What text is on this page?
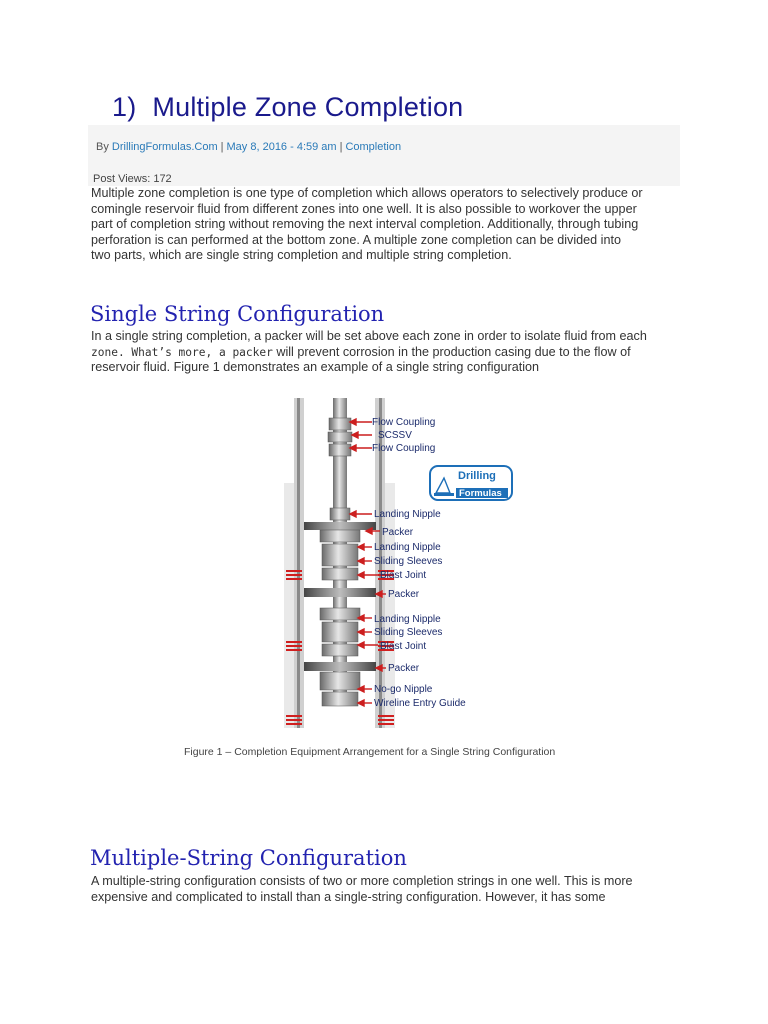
1) Multiple Zone Completion
By DrillingFormulas.Com | May 8, 2016 - 4:59 am | Completion
Post Views: 172
Multiple zone completion is one type of completion which allows operators to selectively produce or
comingle reservoir fluid from different zones into one well. It is also possible to workover the upper
part of completion string without removing the next interval completion. Additionally, through tubing
perforation is can performed at the bottom zone. A multiple zone completion can be divided into
two parts, which are single string completion and multiple string completion.
Single String Configuration
In a single string completion, a packer will be set above each zone in order to isolate fluid from each
zone. What’s more, a packer will prevent corrosion in the production casing due to the flow of
reservoir fluid. Figure 1 demonstrates an example of a single string configuration
Flow Coupling
SCSSV
Flow Coupling
Landing Nipple
Packer
Landing Nipple
Sliding Sleeves
Blast Joint
Packer
Landing Nipple
Sliding Sleeves
Blast Joint
Packer
No-go Nipple
Wireline Entry Guide
Drilling
Formulas
Figure 1 – Completion Equipment Arrangement for a Single String Configuration
Multiple-String Configuration
A multiple-string configuration consists of two or more completion strings in one well. This is more
expensive and complicated to install than a single-string configuration. However, it has some
